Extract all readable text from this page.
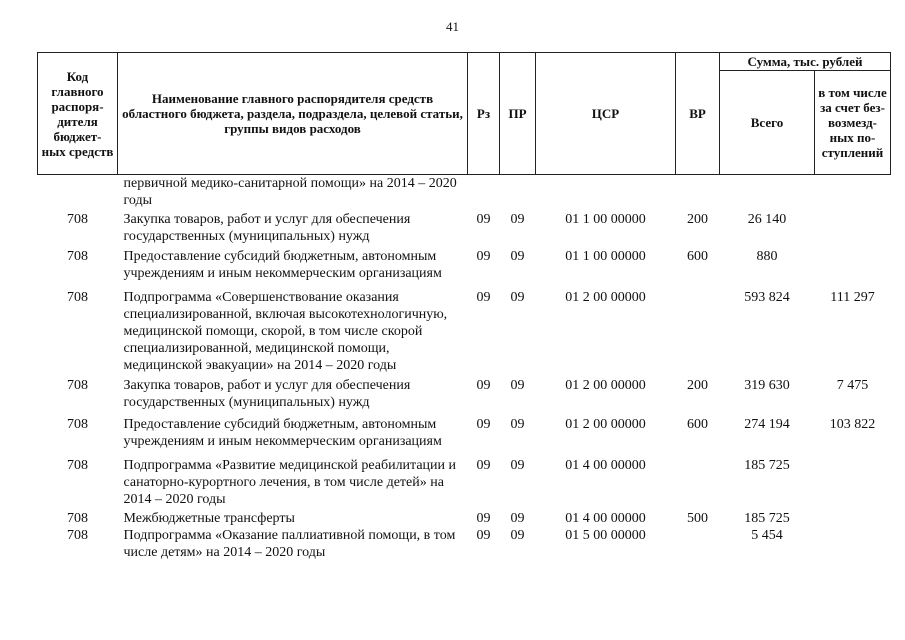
41
Код главного распоря- дителя бюджет- ных средств	Наименование главного распорядителя средств областного бюджета, раздела, подраздела, целевой статьи, группы видов расходов	Рз	ПР	ЦСР	ВР	Сумма, тыс. рублей	
						Всего	в том числе за счет без- возмезд- ных по- ступлений
	первичной медико-санитарной помощи» на 2014 – 2020 годы						
708	Закупка товаров, работ и услуг для обеспечения государственных (муниципальных) нужд	09	09	01 1 00 00000	200	26 140	
708	Предоставление субсидий бюджетным, автономным учреждениям и иным некоммерческим организациям	09	09	01 1 00 00000	600	880	
708	Подпрограмма «Совершенствование оказания специализированной, включая высокотехнологичную, медицинской помощи, скорой, в том числе скорой специализированной, медицинской помощи, медицинской эвакуации» на 2014 – 2020 годы	09	09	01 2 00 00000		593 824	111 297
708	Закупка товаров, работ и услуг для обеспечения государственных (муниципальных) нужд	09	09	01 2 00 00000	200	319 630	7 475
708	Предоставление субсидий бюджетным, автономным учреждениям и иным некоммерческим организациям	09	09	01 2 00 00000	600	274 194	103 822
708	Подпрограмма «Развитие медицинской реабилитации и санаторно-курортного лечения, в том числе детей» на 2014 – 2020 годы	09	09	01 4 00 00000		185 725	
708	Межбюджетные трансферты	09	09	01 4 00 00000	500	185 725	
708	Подпрограмма «Оказание паллиативной помощи, в том числе детям» на 2014 – 2020 годы	09	09	01 5 00 00000		5 454	
